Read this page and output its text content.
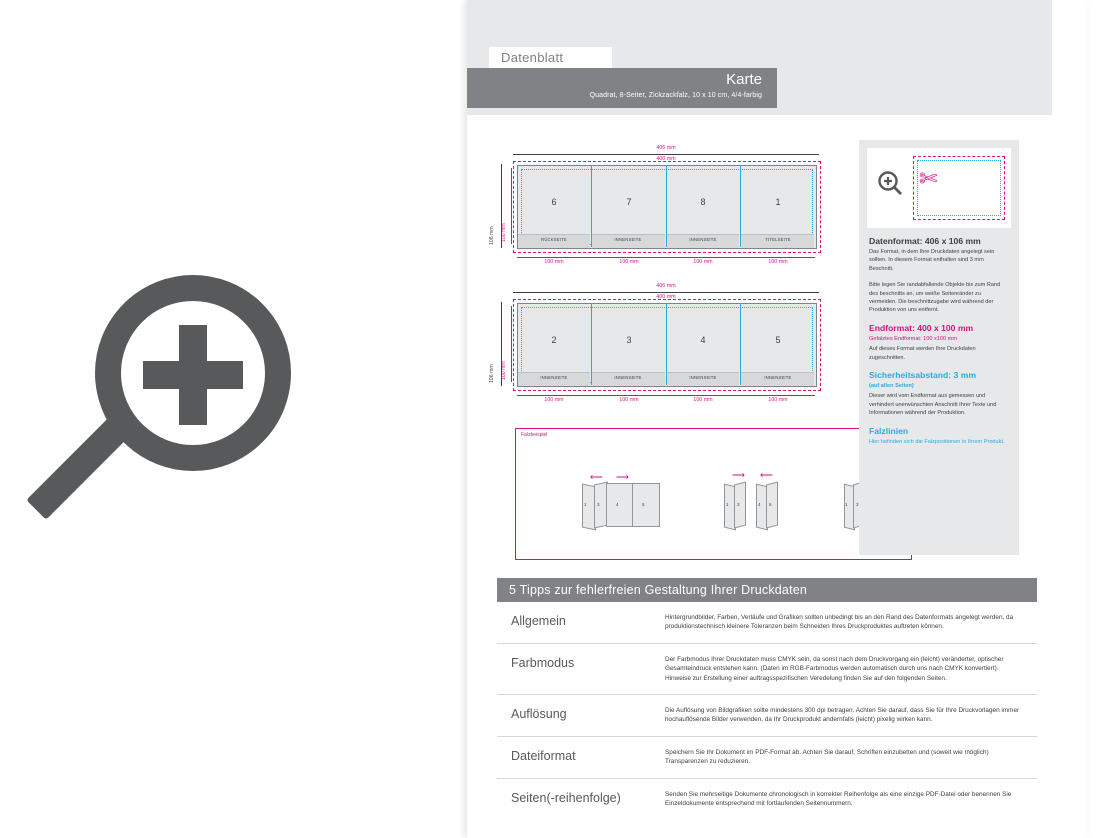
Datenblatt
Karte
Quadrat, 8-Seiter, Zickzackfalz, 10 x 10 cm, 4/4-farbig
406 mm
400 mm
106 mm 100 mm
6	7	8	1
RÜCKSEITE	INNENSEITE	INNENSEITE	TITELSEITE
100 mm	100 mm	100 mm	100 mm
406 mm
400 mm
106 mm 100 mm
2	3	4	5
INNENSEITE	INNENSEITE	INNENSEITE	INNENSEITE
100 mm	100 mm	100 mm	100 mm
Falzbeispiel
⟵ ⟶
1 3	4	5
⟶ ⟵
1 3	4 6	1 3
✄
Datenformat: 406 x 106 mm
Das Format, in dem Ihre Druckdaten angelegt sein sollten. In diesem Format enthalten sind 3 mm Beschnitt.
Bitte legen Sie randabfallende Objekte bis zum Rand des beschnitts an, um weiße Seitenränder zu vermeiden. Die beschnittzugabe wird während der Produktion von uns entfernt.
Endformat: 400 x 100 mm
Gefalztes Endformat: 100 x100 mm
Auf dieses Format werden Ihre Druckdaten zugeschnitten.
Sicherheitsabstand: 3 mm
(auf allen Seiten)
Dieser wird vom Endformat aus gemessen und verhindert unerwünschten Anschnitt Ihrer Texte und Informationen während der Produktion.
Falzlinien
Hier befinden sich die Falzpositionen in Ihrem Produkt.
5 Tipps zur fehlerfreien Gestaltung Ihrer Druckdaten
Allgemein	Hintergrundbilder, Farben, Verläufe und Grafiken sollten unbedingt bis an den Rand des Datenformats angelegt werden, da produktionstechnisch kleinere Toleranzen beim Schneiden Ihres Druckproduktes auftreten können.
Farbmodus	Der Farbmodus Ihrer Druckdaten muss CMYK sein, da sonst nach dem Druckvorgang ein (leicht) veränderter, optischer Gesamteindruck entstehen kann. (Daten im RGB-Farbmodus werden automatisch durch uns nach CMYK konvertiert). Hinweise zur Erstellung einer auftragsspezifischen Veredelung finden Sie auf den folgenden Seiten.
Auflösung	Die Auflösung von Bildgrafiken sollte mindestens 300 dpi betragen. Achten Sie darauf, dass Sie für Ihre Druckvorlagen immer hochauflösende Bilder verwenden, da Ihr Druckprodukt andernfalls (leicht) pixelig wirken kann.
Dateiformat	Speichern Sie Ihr Dokument im PDF-Format ab. Achten Sie darauf, Schriften einzubetten und (soweit wie möglich) Transparenzen zu reduzieren.
Seiten(-reihenfolge)	Senden Sie mehrseitige Dokumente chronologisch in korrekter Reihenfolge als eine einzige PDF-Datei oder benennen Sie Einzeldokumente entsprechend mit fortlaufenden Seitennummern.
